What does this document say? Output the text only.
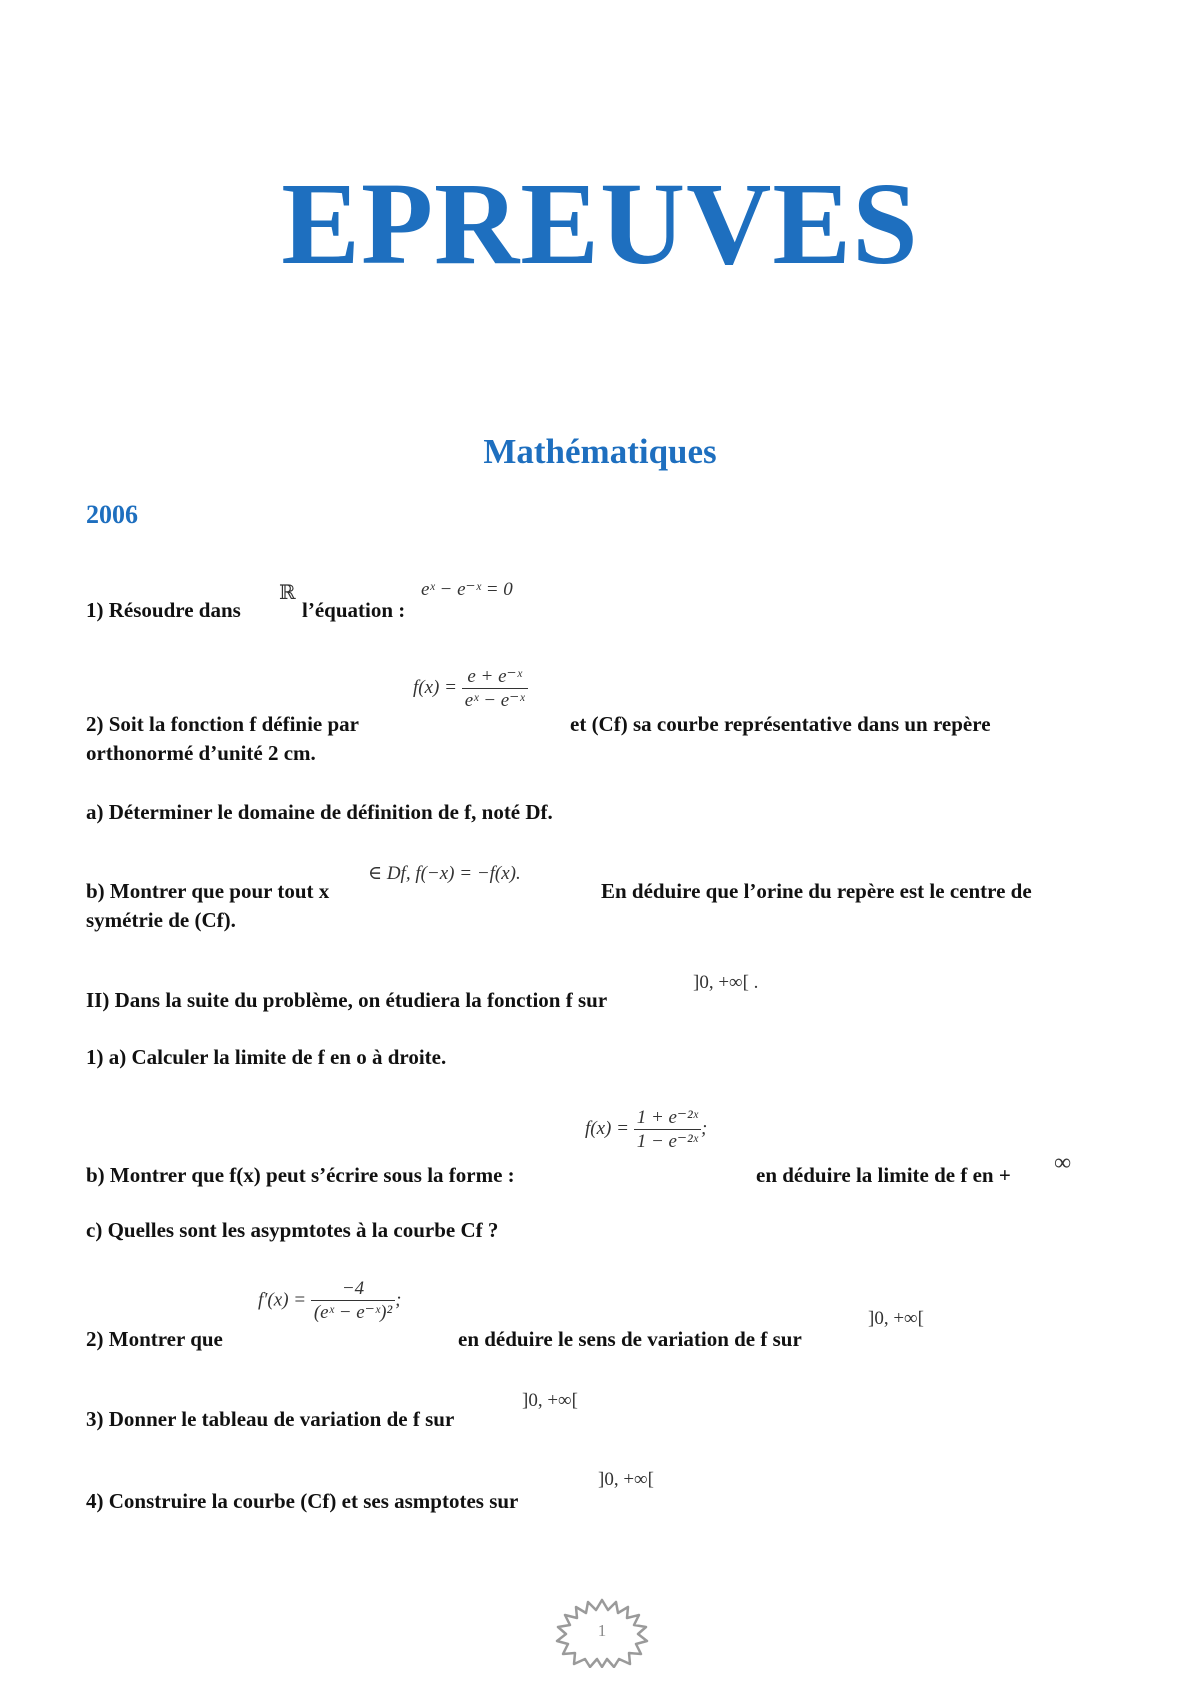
EPREUVES
Mathématiques
2006
1) Résoudre dans
ℝ
l’équation :
eˣ − e⁻ˣ = 0
$f(x) = \frac{\text{e + e⁻ˣ}}{\text{eˣ − e⁻ˣ}}$
2) Soit la fonction f définie par	et (Cf) sa courbe représentative dans un repère
orthonormé d’unité 2 cm.
a) Déterminer le domaine de définition de f, noté Df.
b) Montrer que pour tout x
∈ Df, f(−x) = −f(x).
En déduire que l’orine du repère est le centre de
symétrie de (Cf).
II) Dans la suite du problème, on étudiera la fonction f sur
]0, +∞[ .
1) a) Calculer la limite de f en o à droite.
$f(x) = \frac{\text{1 + e⁻²ˣ}}{\text{1 − e⁻²ˣ}}$ ;
b) Montrer que f(x) peut s’écrire sous la forme :	en déduire la limite de f en + ∞
c) Quelles sont les asypmtotes à la courbe Cf ?
$f'(x) = \frac{-4}{\text{(eˣ − e⁻ˣ)²}}$ ;
2) Montrer que	en déduire le sens de variation de f sur
]0, +∞[
3) Donner le tableau de variation de f sur
]0, +∞[
4) Construire la courbe (Cf) et ses asmptotes sur
]0, +∞[
1
